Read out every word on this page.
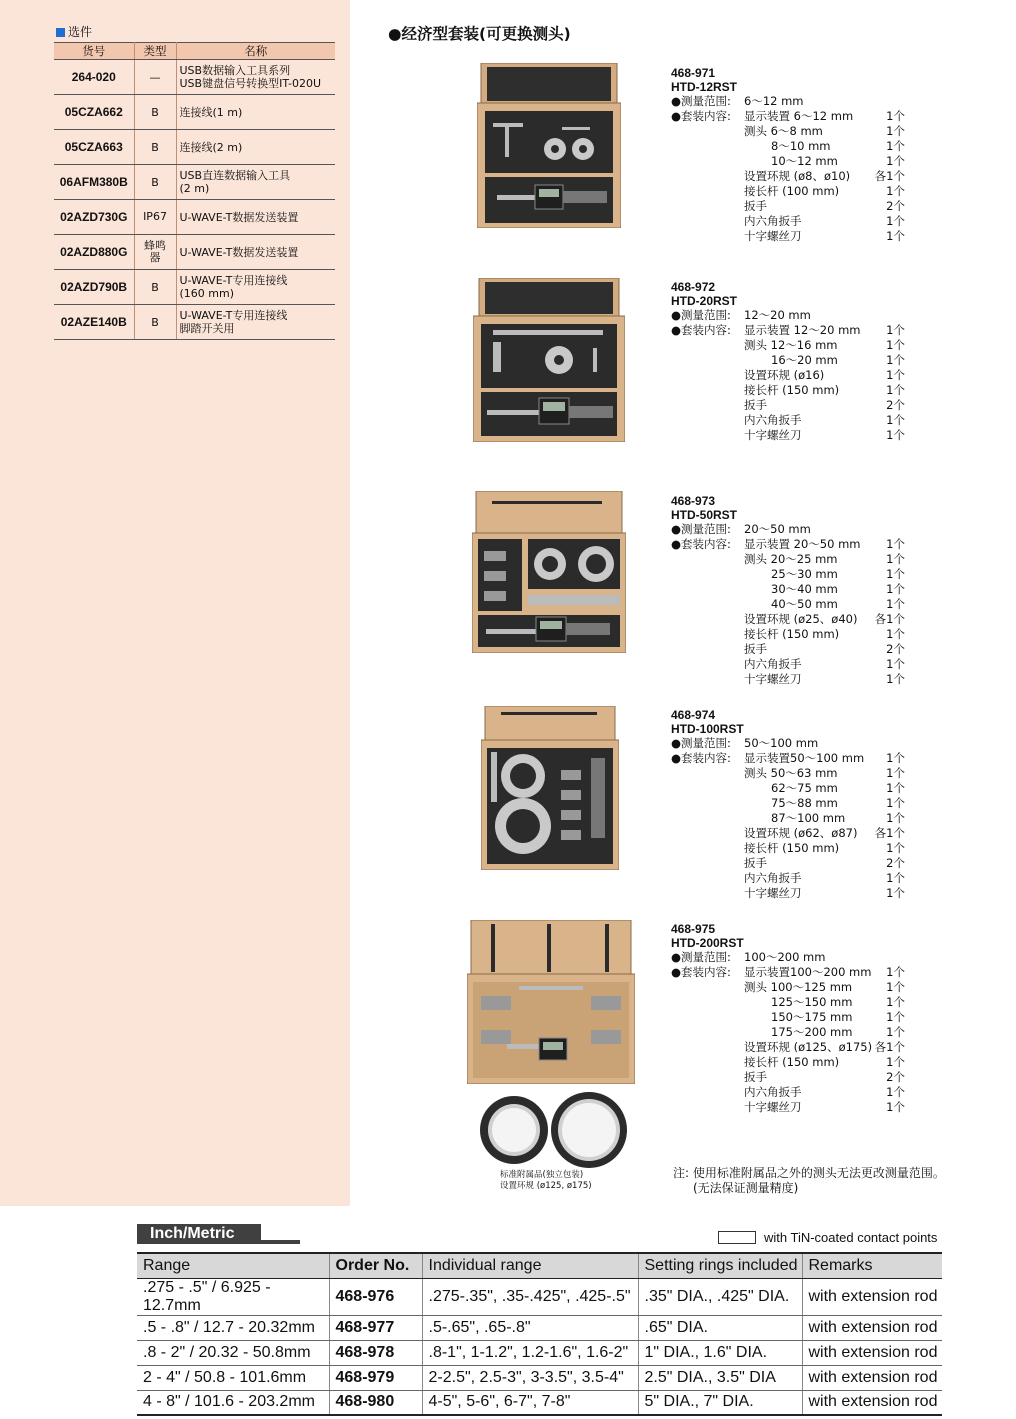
选件
货号	类型	名称
264-020	—	USB数据输入工具系列
USB键盘信号转换型IT-020U

05CZA662	B	连接线(1 m)

05CZA663	B	连接线(2 m)

06AFM380B	B	USB直连数据输入工具
(2 m)

02AZD730G	IP67	U-WAVE-T数据发送装置

02AZD880G	蜂鸣器	U-WAVE-T数据发送装置

02AZD790B	B	U-WAVE-T专用连接线
(160 mm)

02AZE140B	B	U-WAVE-T专用连接线
脚踏开关用
●经济型套装(可更换测头)
468-971
HTD-12RST
●测量范围: 6～12 mm
●套装内容: 显示装置 6～12 mm	1个
测头 6～8 mm	1个
8～10 mm	1个
10～12 mm	1个
设置环规 (ø8、ø10)	各1个
接长杆 (100 mm)	1个
扳手	2个
内六角扳手	1个
十字螺丝刀	1个
468-972
HTD-20RST
●测量范围: 12～20 mm
●套装内容: 显示装置 12～20 mm	1个
测头 12～16 mm	1个
16～20 mm	1个
设置环规 (ø16)	1个
接长杆 (150 mm)	1个
扳手	2个
内六角扳手	1个
十字螺丝刀	1个
468-973
HTD-50RST
●测量范围: 20～50 mm
●套装内容: 显示装置 20～50 mm	1个
测头 20～25 mm	1个
25～30 mm	1个
30～40 mm	1个
40～50 mm	1个
设置环规 (ø25、ø40)	各1个
接长杆 (150 mm)	1个
扳手	2个
内六角扳手	1个
十字螺丝刀	1个
468-974
HTD-100RST
●测量范围: 50～100 mm
●套装内容: 显示装置50～100 mm	1个
测头 50～63 mm	1个
62～75 mm	1个
75～88 mm	1个
87～100 mm	1个
设置环规 (ø62、ø87)	各1个
接长杆 (150 mm)	1个
扳手	2个
内六角扳手	1个
十字螺丝刀	1个
468-975
HTD-200RST
●测量范围: 100～200 mm
●套装内容: 显示装置100～200 mm	1个
测头 100～125 mm	1个
125～150 mm	1个
150～175 mm	1个
175～200 mm	1个
设置环规 (ø125、ø175) 各1个
接长杆 (150 mm)	1个
扳手	2个
内六角扳手	1个
十字螺丝刀	1个
标准附属品(独立包装)
设置环规 (ø125, ø175)
注: 使用标准附属品之外的测头无法更改测量范围。
(无法保证测量精度)
Inch/Metric	with TiN-coated contact points
Range	Order No.	Individual range	Setting rings included	Remarks
.275 - .5" / 6.925 - 12.7mm	468-976	.275-.35", .35-.425", .425-.5"	.35" DIA., .425" DIA.	with extension rod
.5 - .8" / 12.7 - 20.32mm	468-977	.5-.65", .65-.8"	.65" DIA.	with extension rod
.8 - 2" / 20.32 - 50.8mm	468-978	.8-1", 1-1.2", 1.2-1.6", 1.6-2"	1" DIA., 1.6" DIA.	with extension rod
2 - 4" / 50.8 - 101.6mm	468-979	2-2.5", 2.5-3", 3-3.5", 3.5-4"	2.5" DIA., 3.5" DIA	with extension rod
4 - 8" / 101.6 - 203.2mm	468-980	4-5", 5-6", 6-7", 7-8"	5" DIA., 7" DIA.	with extension rod
